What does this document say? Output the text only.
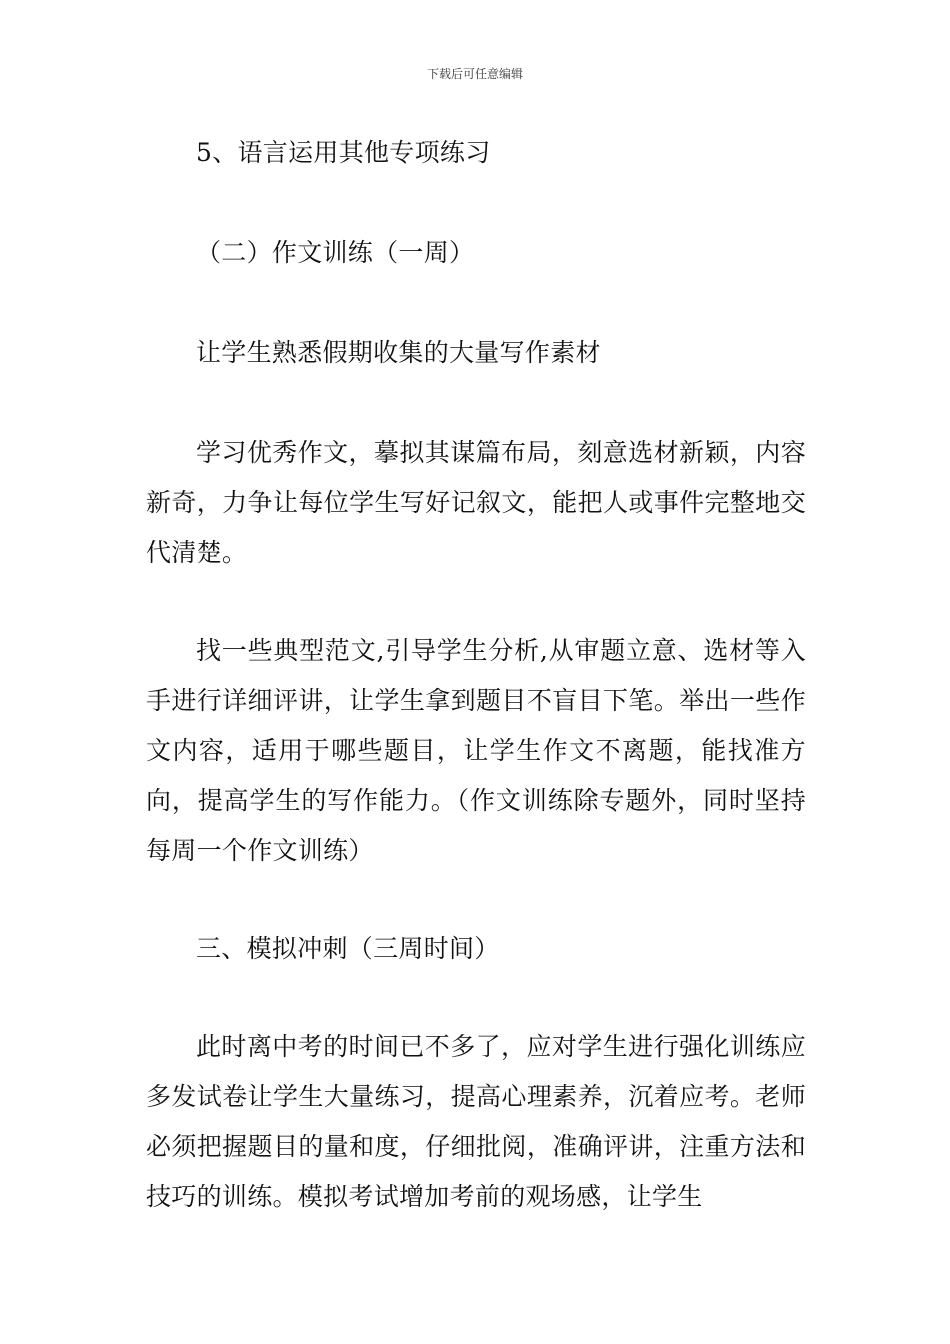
下载后可任意编辑

5、语言运用其他专项练习

（二）作文训练（一周）

让学生熟悉假期收集的大量写作素材

学习优秀作文，摹拟其谋篇布局，刻意选材新颖，内容新奇，力争让每位学生写好记叙文，能把人或事件完整地交代清楚。

找一些典型范文,引导学生分析,从审题立意、选材等入手进行详细评讲，让学生拿到题目不盲目下笔。举出一些作文内容，适用于哪些题目，让学生作文不离题，能找准方向，提高学生的写作能力。（作文训练除专题外，同时坚持每周一个作文训练）

三、模拟冲刺（三周时间）

此时离中考的时间已不多了，应对学生进行强化训练应多发试卷让学生大量练习，提高心理素养，沉着应考。老师必须把握题目的量和度，仔细批阅，准确评讲，注重方法和技巧的训练。模拟考试增加考前的观场感，让学生
